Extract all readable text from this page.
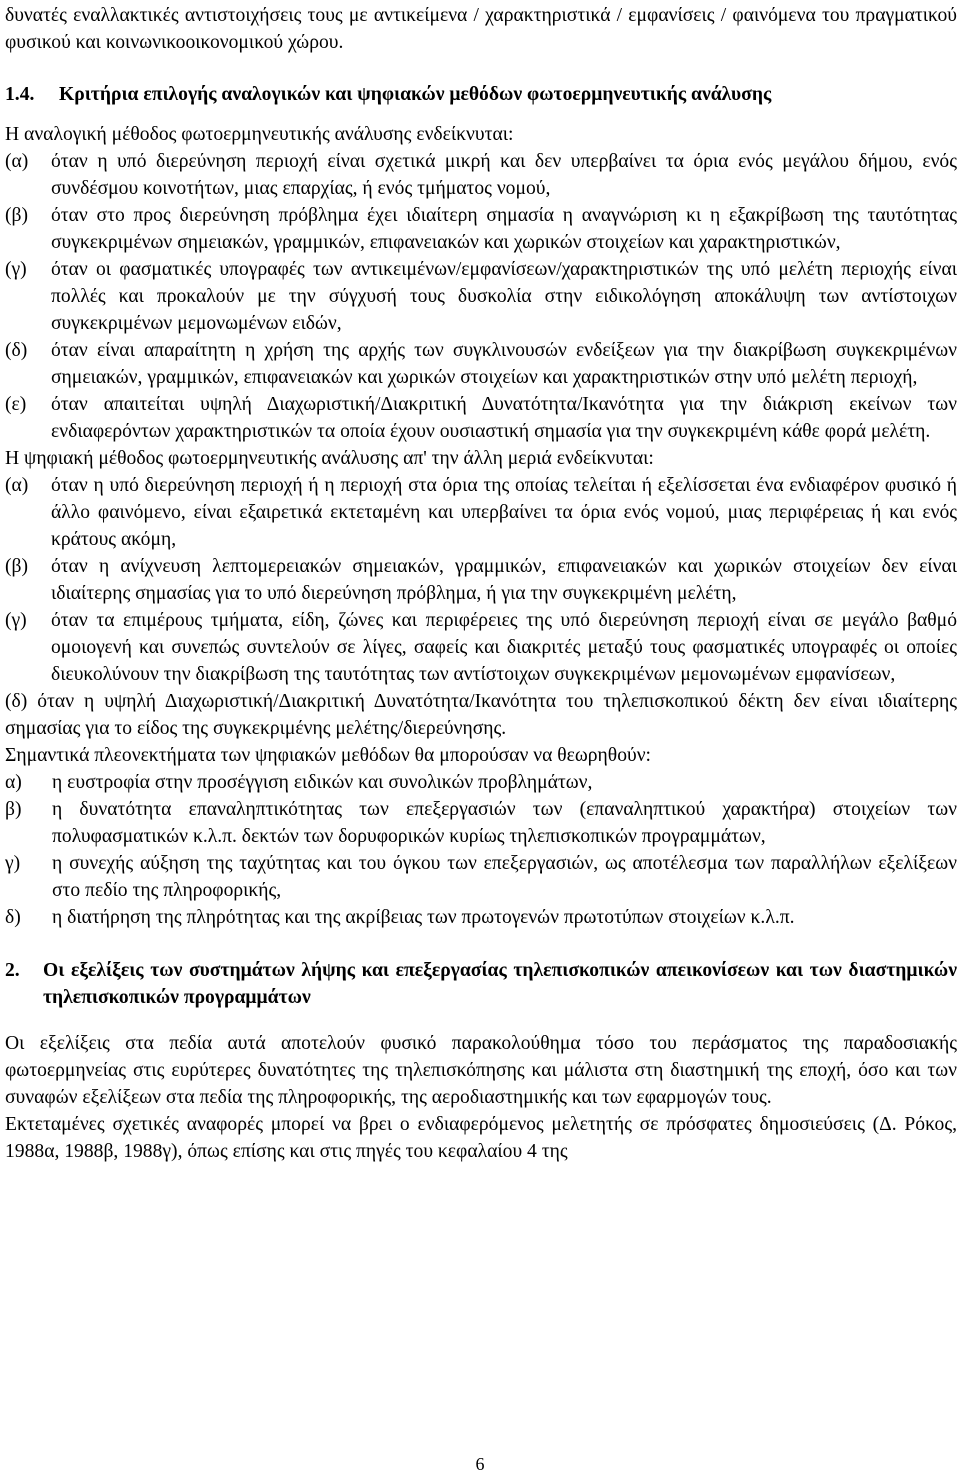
δυνατές εναλλακτικές αντιστοιχήσεις τους με αντικείμενα / χαρακτηριστικά / εμφανίσεις / φαινόμενα του πραγματικού φυσικού και κοινωνικοοικονομικού χώρου.

1.4.	Κριτήρια επιλογής αναλογικών και ψηφιακών μεθόδων φωτοερμηνευτικής ανάλυσης

Η αναλογική μέθοδος φωτοερμηνευτικής ανάλυσης ενδείκνυται:

(α)	όταν η υπό διερεύνηση περιοχή είναι σχετικά μικρή και δεν υπερβαίνει τα όρια ενός μεγάλου δήμου, ενός συνδέσμου κοινοτήτων, μιας επαρχίας, ή ενός τμήματος νομού,
(β)	όταν στο προς διερεύνηση πρόβλημα έχει ιδιαίτερη σημασία η αναγνώριση κι η εξακρίβωση της ταυτότητας συγκεκριμένων σημειακών, γραμμικών, επιφανειακών και χωρικών στοιχείων και χαρακτηριστικών,
(γ)	όταν οι φασματικές υπογραφές των αντικειμένων/εμφανίσεων/χαρακτηριστικών της υπό μελέτη περιοχής είναι πολλές και προκαλούν με την σύγχυσή τους δυσκολία στην ειδικολόγηση αποκάλυψη των αντίστοιχων συγκεκριμένων μεμονωμένων ειδών,
(δ)	όταν είναι απαραίτητη η χρήση της αρχής των συγκλινουσών ενδείξεων για την διακρίβωση συγκεκριμένων σημειακών, γραμμικών, επιφανειακών και χωρικών στοιχείων και χαρακτηριστικών στην υπό μελέτη περιοχή,
(ε)	όταν απαιτείται υψηλή Διαχωριστική/Διακριτική Δυνατότητα/Ικανότητα για την διάκριση εκείνων των ενδιαφερόντων χαρακτηριστικών τα οποία έχουν ουσιαστική σημασία για την συγκεκριμένη κάθε φορά μελέτη.

Η ψηφιακή μέθοδος φωτοερμηνευτικής ανάλυσης απ' την άλλη μεριά ενδείκνυται:

(α)	όταν η υπό διερεύνηση περιοχή ή η περιοχή στα όρια της οποίας τελείται ή εξελίσσεται ένα ενδιαφέρον φυσικό ή άλλο φαινόμενο, είναι εξαιρετικά εκτεταμένη και υπερβαίνει τα όρια ενός νομού, μιας περιφέρειας ή και ενός κράτους ακόμη,
(β)	όταν η ανίχνευση λεπτομερειακών σημειακών, γραμμικών, επιφανειακών και χωρικών στοιχείων δεν είναι ιδιαίτερης σημασίας για το υπό διερεύνηση πρόβλημα, ή για την συγκεκριμένη μελέτη,
(γ)	όταν τα επιμέρους τμήματα, είδη, ζώνες και περιφέρειες της υπό διερεύνηση περιοχή είναι σε μεγάλο βαθμό ομοιογενή και συνεπώς συντελούν σε λίγες, σαφείς και διακριτές μεταξύ τους φασματικές υπογραφές οι οποίες διευκολύνουν την διακρίβωση της ταυτότητας των αντίστοιχων συγκεκριμένων μεμονωμένων εμφανίσεων,

(δ) όταν η υψηλή Διαχωριστική/Διακριτική Δυνατότητα/Ικανότητα του τηλεπισκοπικού δέκτη δεν είναι ιδιαίτερης σημασίας για το είδος της συγκεκριμένης μελέτης/διερεύνησης.

Σημαντικά πλεονεκτήματα των ψηφιακών μεθόδων θα μπορούσαν να θεωρηθούν:

α)	η ευστροφία στην προσέγγιση ειδικών και συνολικών προβλημάτων,
β)	η δυνατότητα επαναληπτικότητας των επεξεργασιών των (επαναληπτικού χαρακτήρα) στοιχείων των πολυφασματικών κ.λ.π. δεκτών των δορυφορικών κυρίως τηλεπισκοπικών προγραμμάτων,
γ)	η συνεχής αύξηση της ταχύτητας και του όγκου των επεξεργασιών, ως αποτέλεσμα των παραλλήλων εξελίξεων στο πεδίο της πληροφορικής,
δ)	η διατήρηση της πληρότητας και της ακρίβειας των πρωτογενών πρωτοτύπων στοιχείων κ.λ.π.
2.	Οι εξελίξεις των συστημάτων λήψης και επεξεργασίας τηλεπισκοπικών απεικονίσεων και των διαστημικών τηλεπισκοπικών προγραμμάτων

Οι εξελίξεις στα πεδία αυτά αποτελούν φυσικό παρακολούθημα τόσο του περάσματος της παραδοσιακής φωτοερμηνείας στις ευρύτερες δυνατότητες της τηλεπισκόπησης και μάλιστα στη διαστημική της εποχή, όσο και των συναφών εξελίξεων στα πεδία της πληροφορικής, της αεροδιαστημικής και των εφαρμογών τους.

Εκτεταμένες σχετικές αναφορές μπορεί να βρει ο ενδιαφερόμενος μελετητής σε πρόσφατες δημοσιεύσεις (Δ. Ρόκος, 1988α, 1988β, 1988γ), όπως επίσης και στις πηγές του κεφαλαίου 4 της

6
